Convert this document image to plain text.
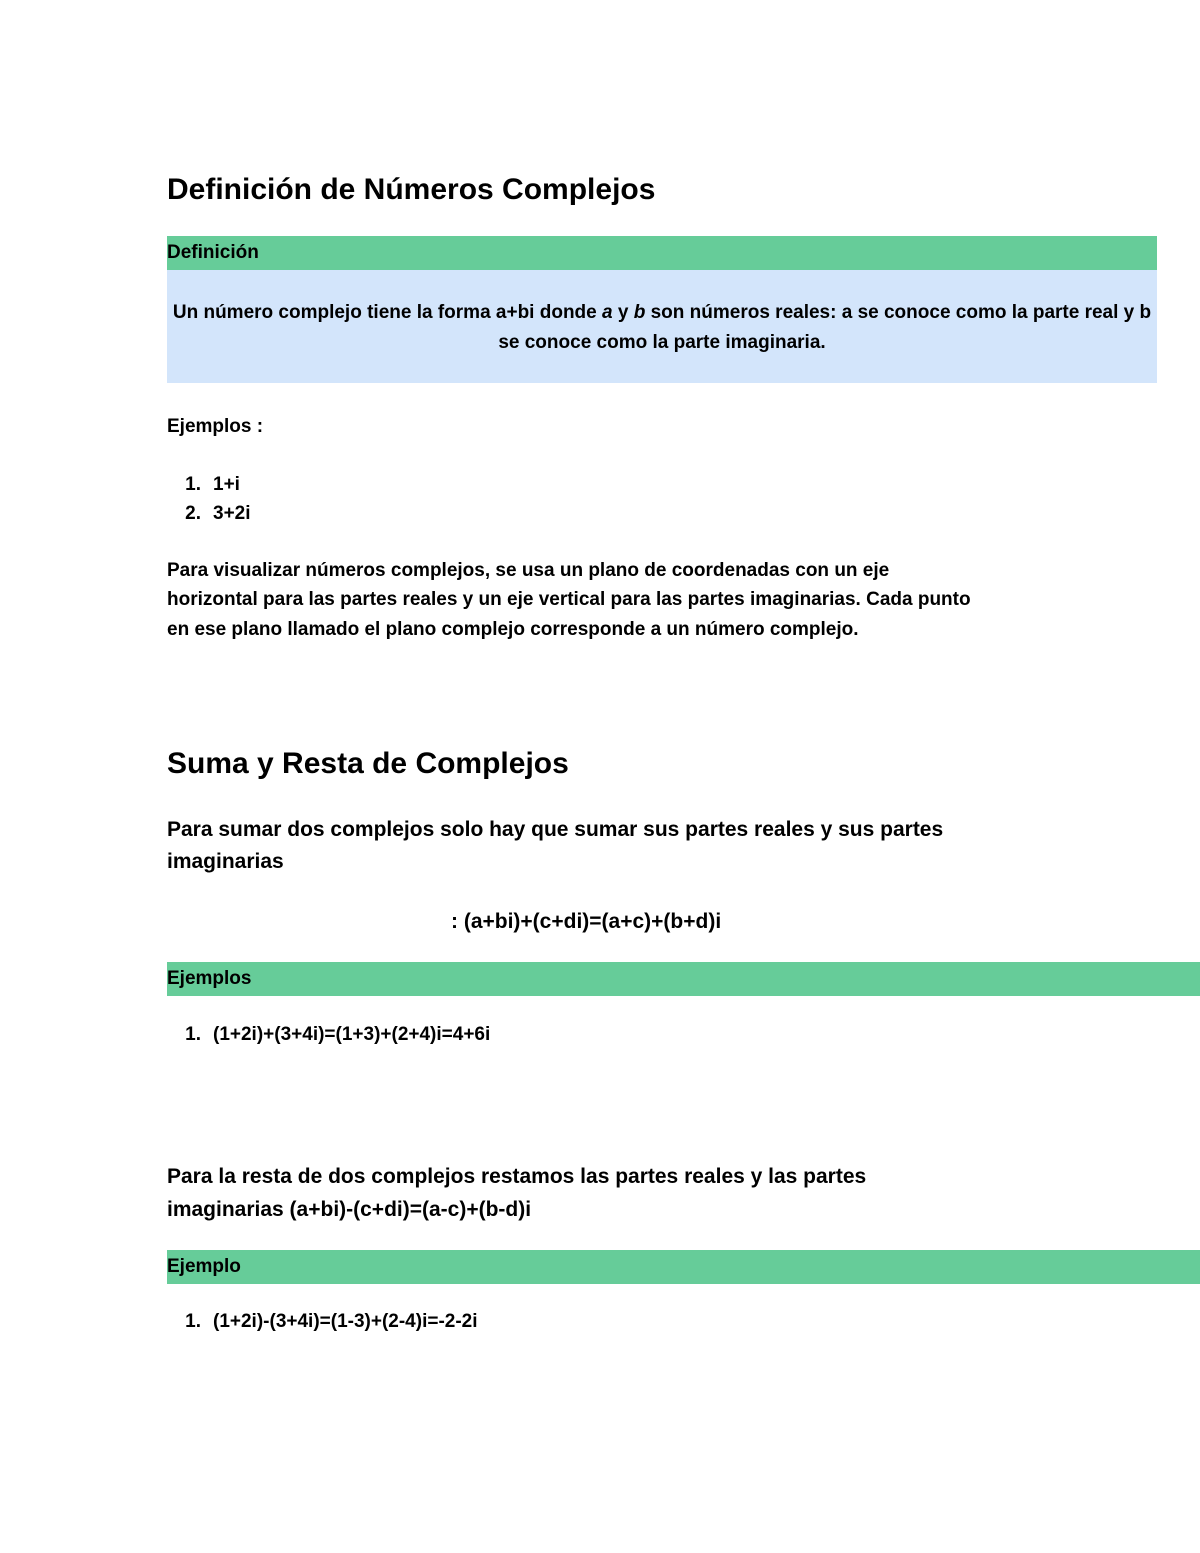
Definición de Números Complejos
Definición
Un número complejo tiene la forma a+bi donde a y b son números reales: a se conoce como la parte real y b se conoce como la parte imaginaria.
Ejemplos :
1. 1+i
2. 3+2i
Para visualizar números complejos, se usa un plano de coordenadas con un eje
horizontal para las partes reales y un eje vertical para las partes imaginarias. Cada punto
en ese plano llamado el plano complejo corresponde a un número complejo.
Suma y Resta de Complejos
Para sumar dos complejos solo hay que sumar sus partes reales y sus partes
imaginarias
: (a+bi)+(c+di)=(a+c)+(b+d)i
Ejemplos
1. (1+2i)+(3+4i)=(1+3)+(2+4)i=4+6i
Para la resta de dos complejos restamos las partes reales y las partes
imaginarias (a+bi)-(c+di)=(a-c)+(b-d)i
Ejemplo
1. (1+2i)-(3+4i)=(1-3)+(2-4)i=-2-2i
